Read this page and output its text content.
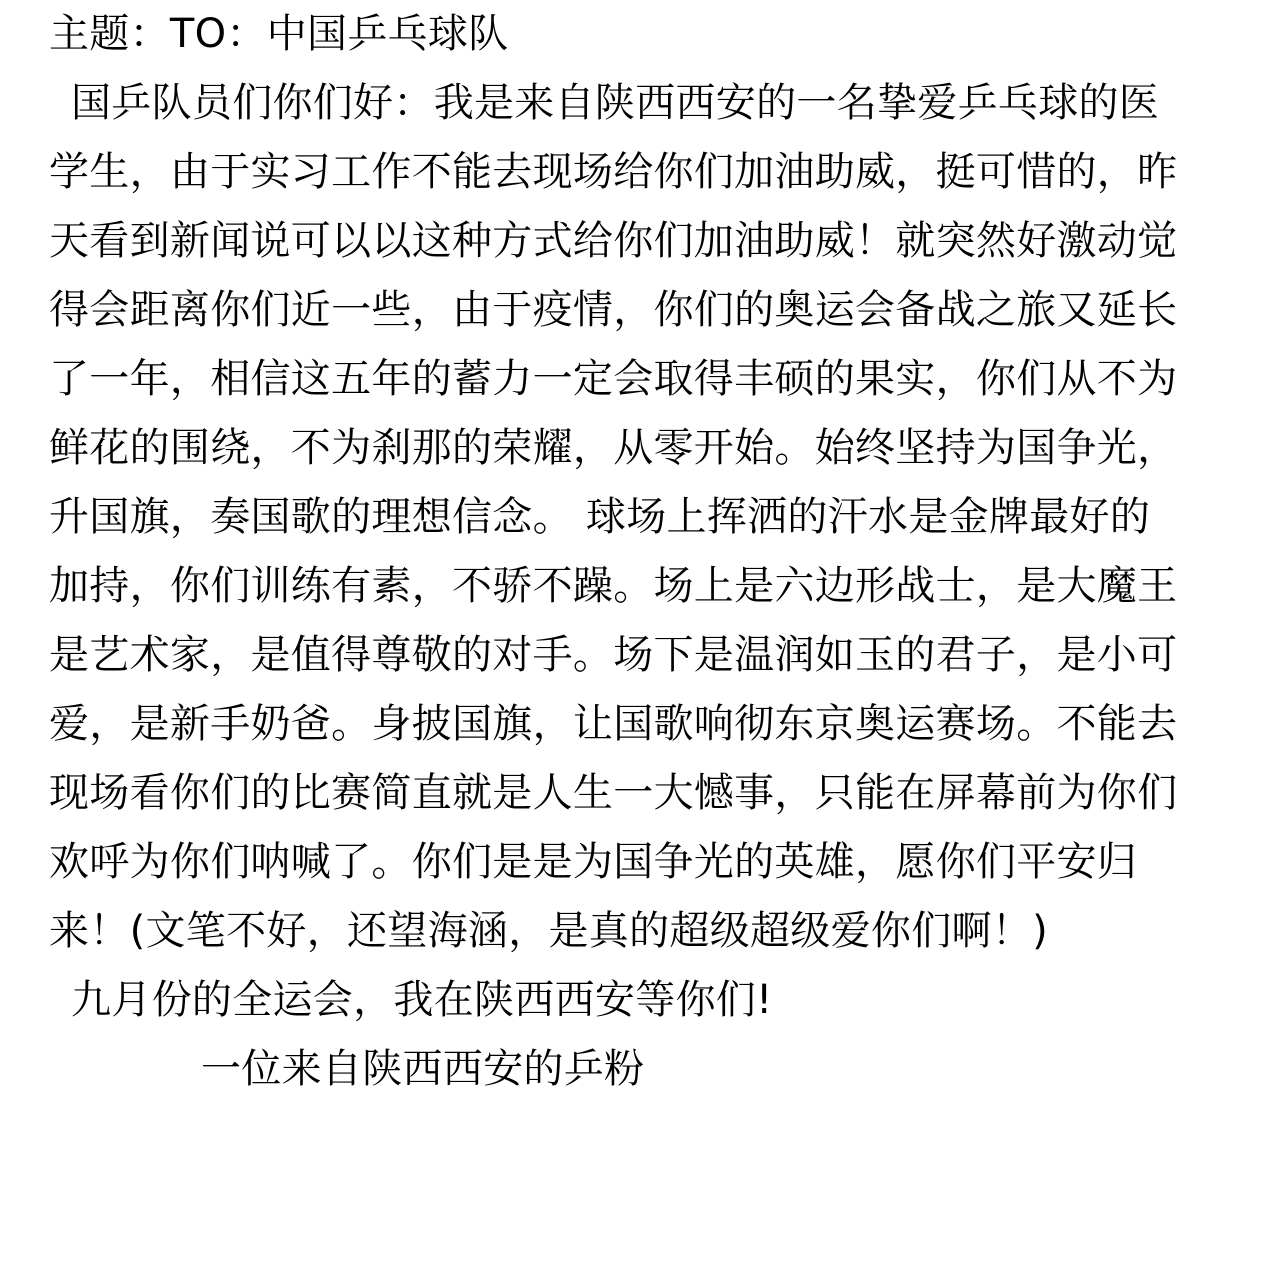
主题：TO：中国乒乓球队
国乒队员们你们好：我是来自陕西西安的一名挚爱乒乓球的医
学生，由于实习工作不能去现场给你们加油助威，挺可惜的，昨
天看到新闻说可以以这种方式给你们加油助威！就突然好激动觉
得会距离你们近一些，由于疫情，你们的奥运会备战之旅又延长
了一年，相信这五年的蓄力一定会取得丰硕的果实，你们从不为
鲜花的围绕，不为刹那的荣耀，从零开始。始终坚持为国争光，
升国旗，奏国歌的理想信念。 球场上挥洒的汗水是金牌最好的
加持，你们训练有素，不骄不躁。场上是六边形战士，是大魔王
是艺术家，是值得尊敬的对手。场下是温润如玉的君子，是小可
爱，是新手奶爸。身披国旗，让国歌响彻东京奥运赛场。不能去
现场看你们的比赛简直就是人生一大憾事，只能在屏幕前为你们
欢呼为你们呐喊了。你们是是为国争光的英雄，愿你们平安归
来！(文笔不好，还望海涵，是真的超级超级爱你们啊！)
九月份的全运会，我在陕西西安等你们!
一位来自陕西西安的乒粉
